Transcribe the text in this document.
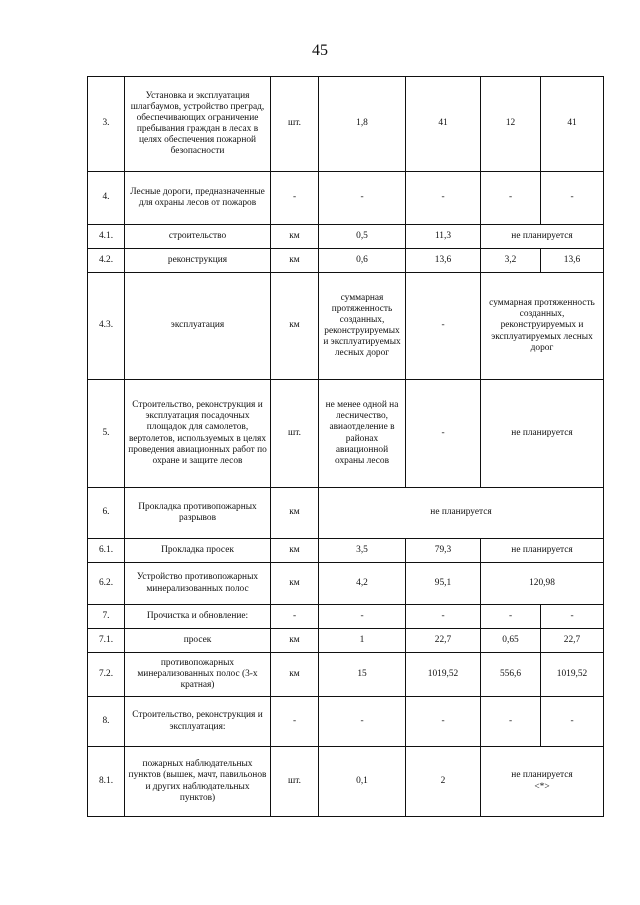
45
3.	Установка и эксплуатация шлагбаумов, устройство преград, обеспечивающих ограничение пребывания граждан в лесах в целях обеспечения пожарной безопасности	шт.	1,8	41	12	41
4.	Лесные дороги, предназначенные для охраны лесов от пожаров	-	-	-	-	-
4.1.	строительство	км	0,5	11,3	не планируется	
4.2.	реконструкция	км	0,6	13,6	3,2	13,6
4.3.	эксплуатация	км	суммарная протяженность созданных, реконструируемых и эксплуатируемых лесных дорог	-	суммарная протяженность созданных, реконструируемых и эксплуатируемых лесных дорог	
5.	Строительство, реконструкция и эксплуатация посадочных площадок для самолетов, вертолетов, используемых в целях проведения авиационных работ по охране и защите лесов	шт.	не менее одной на лесничество, авиаотделение в районах авиационной охраны лесов	-	не планируется	
6.	Прокладка противопожарных разрывов	км	не планируется			
6.1.	Прокладка просек	км	3,5	79,3	не планируется	
6.2.	Устройство противопожарных минерализованных полос	км	4,2	95,1	120,98	
7.	Прочистка и обновление:	-	-	-	-	-
7.1.	просек	км	1	22,7	0,65	22,7
7.2.	противопожарных минерализованных полос (3-х кратная)	км	15	1019,52	556,6	1019,52
8.	Строительство, реконструкция и эксплуатация:	-	-	-	-	-
8.1.	пожарных наблюдательных пунктов (вышек, мачт, павильонов и других наблюдательных пунктов)	шт.	0,1	2	не планируется
<*>	
